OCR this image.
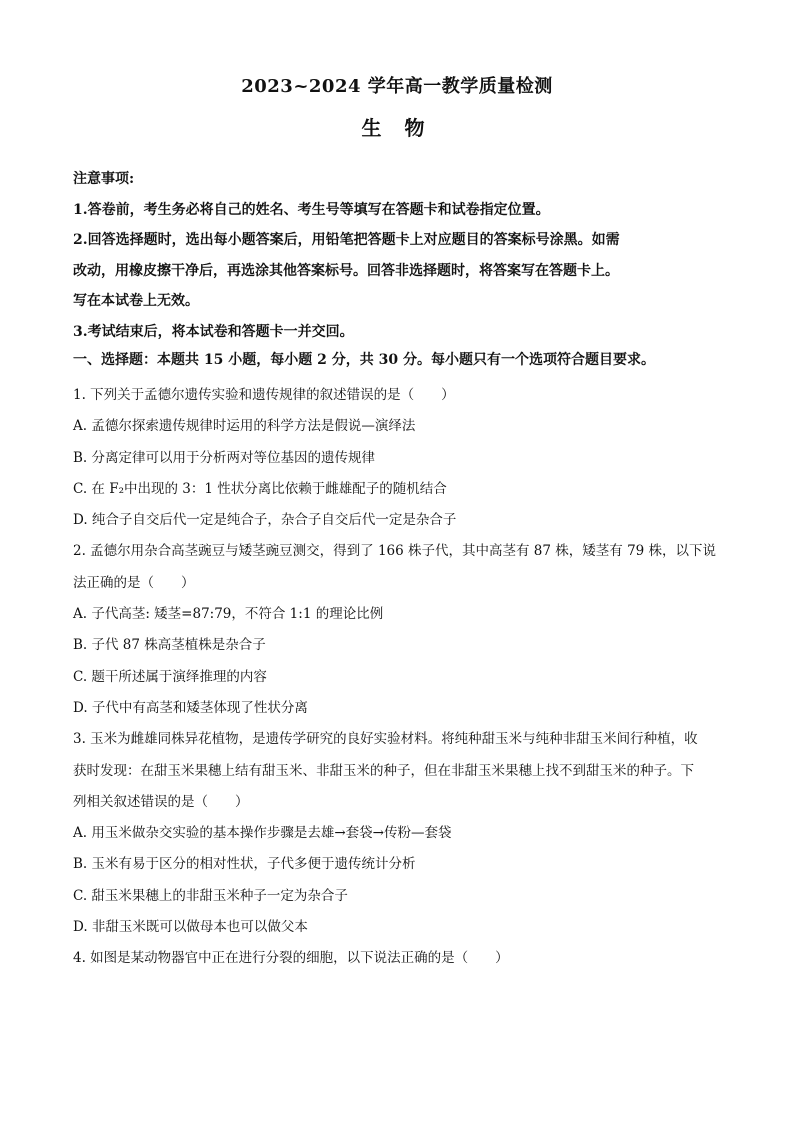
2023~2024 学年高一教学质量检测
生 物
注意事项:
1.答卷前，考生务必将自己的姓名、考生号等填写在答题卡和试卷指定位置。
2.回答选择题时，选出每小题答案后，用铅笔把答题卡上对应题目的答案标号涂黑。如需
改动，用橡皮擦干净后，再选涂其他答案标号。回答非选择题时，将答案写在答题卡上。
写在本试卷上无效。
3.考试结束后，将本试卷和答题卡一并交回。
一、选择题：本题共 15 小题，每小题 2 分，共 30 分。每小题只有一个选项符合题目要求。
1. 下列关于孟德尔遗传实验和遗传规律的叙述错误的是（　　）
A. 孟德尔探索遗传规律时运用的科学方法是假说—演绎法
B. 分离定律可以用于分析两对等位基因的遗传规律
C. 在 F₂中出现的 3：1 性状分离比依赖于雌雄配子的随机结合
D. 纯合子自交后代一定是纯合子，杂合子自交后代一定是杂合子
2. 孟德尔用杂合高茎豌豆与矮茎豌豆测交，得到了 166 株子代，其中高茎有 87 株，矮茎有 79 株，以下说
法正确的是（　　）
A. 子代高茎: 矮茎=87:79，不符合 1:1 的理论比例
B. 子代 87 株高茎植株是杂合子
C. 题干所述属于演绎推理的内容
D. 子代中有高茎和矮茎体现了性状分离
3. 玉米为雌雄同株异花植物，是遗传学研究的良好实验材料。将纯种甜玉米与纯种非甜玉米间行种植，收
获时发现：在甜玉米果穗上结有甜玉米、非甜玉米的种子，但在非甜玉米果穗上找不到甜玉米的种子。下
列相关叙述错误的是（　　）
A. 用玉米做杂交实验的基本操作步骤是去雄→套袋→传粉—套袋
B. 玉米有易于区分的相对性状，子代多便于遗传统计分析
C. 甜玉米果穗上的非甜玉米种子一定为杂合子
D. 非甜玉米既可以做母本也可以做父本
4. 如图是某动物器官中正在进行分裂的细胞，以下说法正确的是（　　）
